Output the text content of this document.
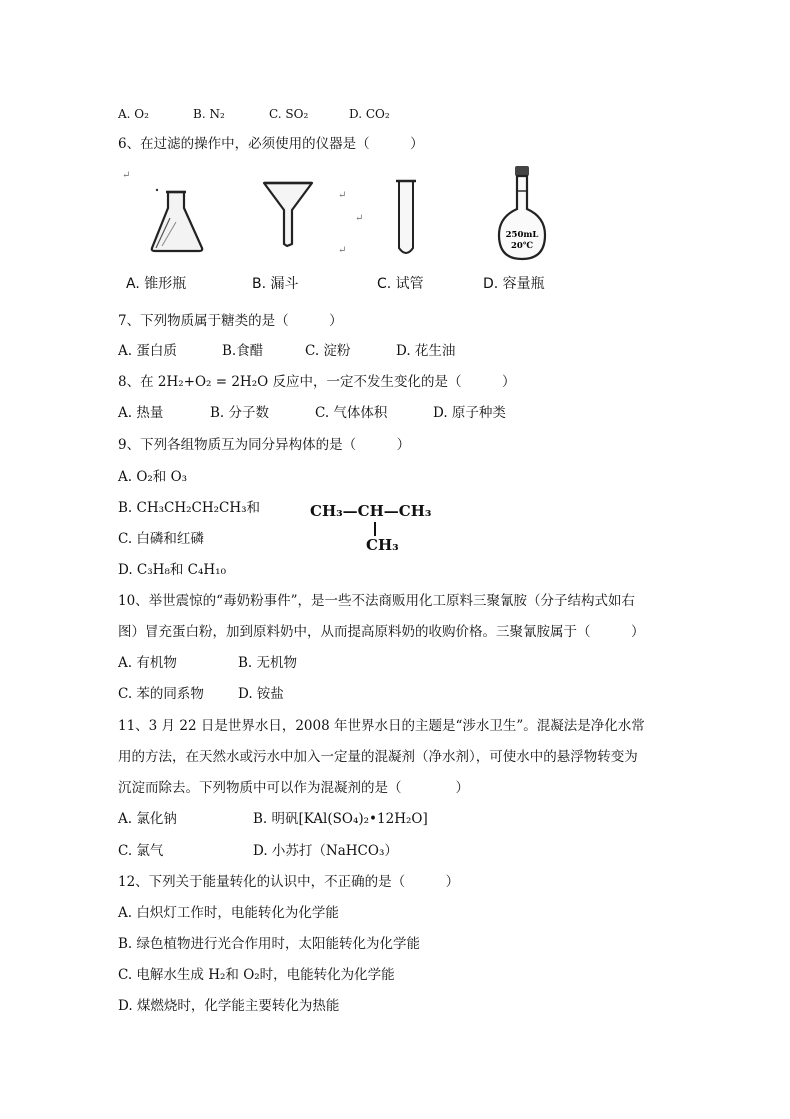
A. O₂	B. N₂	C. SO₂	D. CO₂
6、在过滤的操作中，必须使用的仪器是（　　　）
↵
↵
↵
↵
250mL
20℃
A. 锥形瓶	B. 漏斗	C. 试管	D. 容量瓶
7、下列物质属于糖类的是（　　　）
A. 蛋白质	B.食醋	C. 淀粉	D. 花生油
8、在 2H₂+O₂ = 2H₂O 反应中，一定不发生变化的是（　　　）
A. 热量	B. 分子数	C. 气体体积	D. 原子种类
9、下列各组物质互为同分异构体的是（　　　）
A. O₂和 O₃
B. CH₃CH₂CH₂CH₃和
C. 白磷和红磷
D. C₃H₈和 C₄H₁₀
CH₃—CH—CH₃
CH₃
10、举世震惊的“毒奶粉事件”，是一些不法商贩用化工原料三聚氰胺（分子结构式如右
图）冒充蛋白粉，加到原料奶中，从而提高原料奶的收购价格。三聚氰胺属于（　　　）
A. 有机物	B. 无机物
C. 苯的同系物	D. 铵盐
11、3 月 22 日是世界水日，2008 年世界水日的主题是“涉水卫生”。混凝法是净化水常
用的方法，在天然水或污水中加入一定量的混凝剂（净水剂），可使水中的悬浮物转变为
沉淀而除去。下列物质中可以作为混凝剂的是（　　　　）
A. 氯化钠	B. 明矾[KAl(SO₄)₂•12H₂O]
C. 氯气	D. 小苏打（NaHCO₃）
12、下列关于能量转化的认识中，不正确的是（　　　）
A. 白炽灯工作时，电能转化为化学能
B. 绿色植物进行光合作用时，太阳能转化为化学能
C. 电解水生成 H₂和 O₂时，电能转化为化学能
D. 煤燃烧时，化学能主要转化为热能
